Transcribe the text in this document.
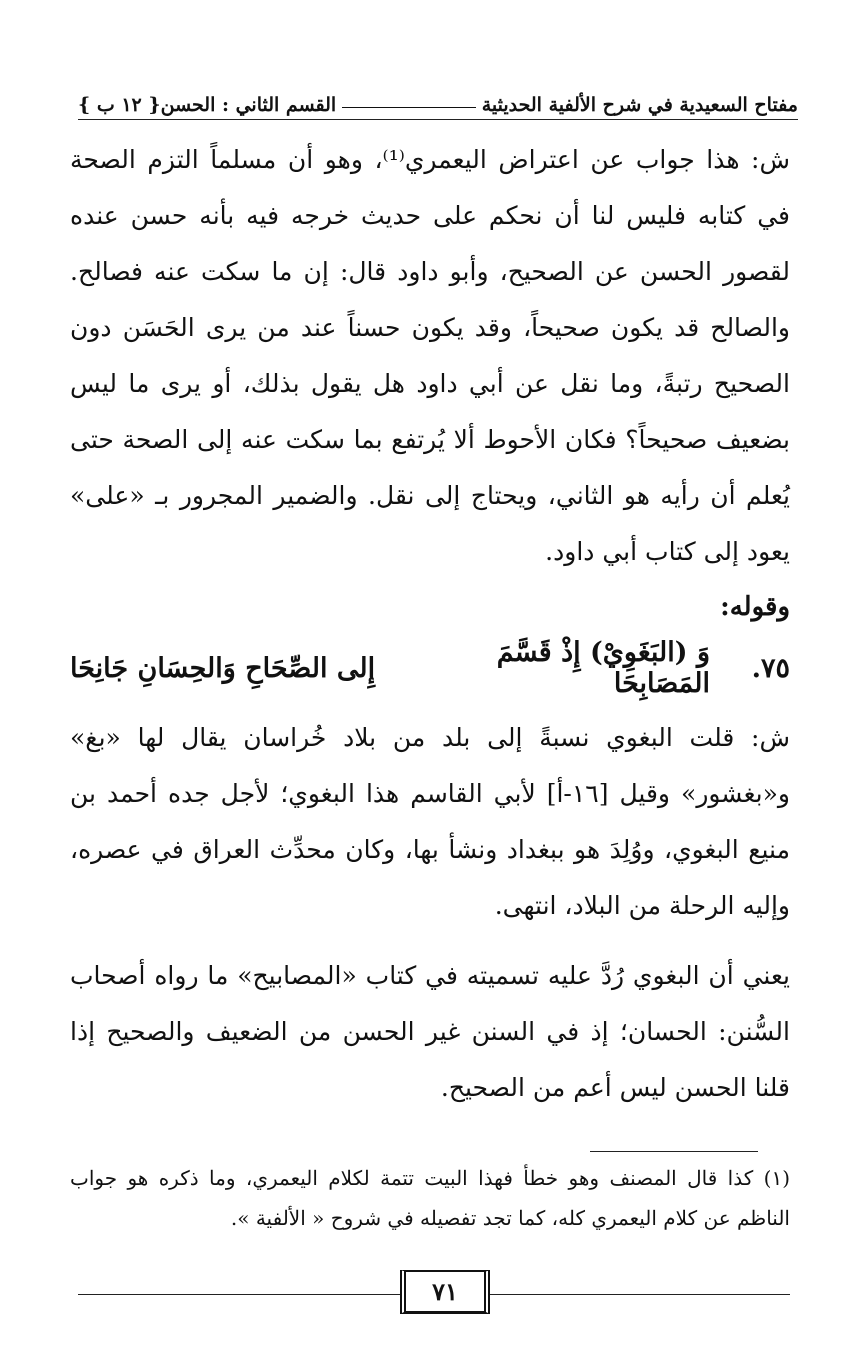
مفتاح السعيدية في شرح الألفية الحديثية
القسم الثاني : الحسن
{ ١٢ ب }

ش: هذا جواب عن اعتراض اليعمري⁽¹⁾، وهو أن مسلماً التزم الصحة في كتابه فليس لنا أن نحكم على حديث خرجه فيه بأنه حسن عنده لقصور الحسن عن الصحيح، وأبو داود قال: إن ما سكت عنه فصالح. والصالح قد يكون صحيحاً، وقد يكون حسناً عند من يرى الحَسَن دون الصحيح رتبةً، وما نقل عن أبي داود هل يقول بذلك، أو يرى ما ليس بضعيف صحيحاً؟ فكان الأحوط ألا يُرتفع بما سكت عنه إلى الصحة حتى يُعلم أن رأيه هو الثاني، ويحتاج إلى نقل. والضمير المجرور بـ «على» يعود إلى كتاب أبي داود.

وقوله:
٧٥.
وَ (البَغَوِيْ) إِذْ قَسَّمَ المَصَابِحَا
إِلى الصِّحَاحِ وَالحِسَانِ جَانِحَا

ش: قلت البغوي نسبةً إلى بلد من بلاد خُراسان يقال لها «بغ» و«بغشور» وقيل [١٦-أ] لأبي القاسم هذا البغوي؛ لأجل جده أحمد بن منيع البغوي، ووُلِدَ هو ببغداد ونشأ بها، وكان محدِّث العراق في عصره، وإليه الرحلة من البلاد، انتهى.

يعني أن البغوي رُدَّ عليه تسميته في كتاب «المصابيح» ما رواه أصحاب السُّنن: الحسان؛ إذ في السنن غير الحسن من الضعيف والصحيح إذا قلنا الحسن ليس أعم من الصحيح.

(١) كذا قال المصنف وهو خطأ فهذا البيت تتمة لكلام اليعمري، وما ذكره هو جواب الناظم عن كلام اليعمري كله، كما تجد تفصيله في شروح « الألفية ».

٧١
